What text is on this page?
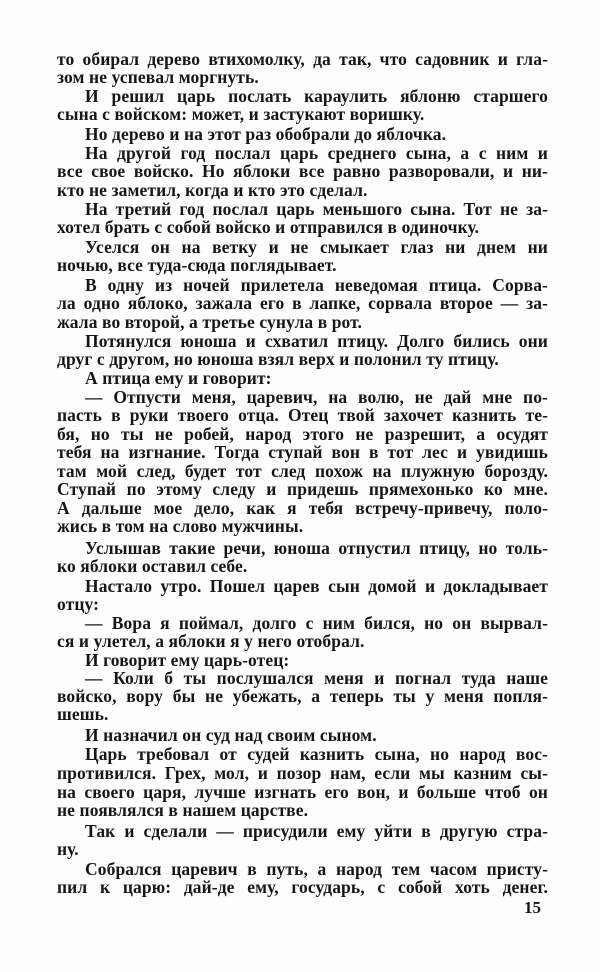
то обирал дерево втихомолку, да так, что садовник и гла-
зом не успевал моргнуть.
И решил царь послать караулить яблоню старшего
сына с войском: может, и застукают воришку.
Но дерево и на этот раз обобрали до яблочка.
На другой год послал царь среднего сына, а с ним и
все свое войско. Но яблоки все равно разворовали, и ни-
кто не заметил, когда и кто это сделал.
На третий год послал царь меньшого сына. Тот не за-
хотел брать с собой войско и отправился в одиночку.
Уселся он на ветку и не смыкает глаз ни днем ни
ночью, все туда-сюда поглядывает.
В одну из ночей прилетела неведомая птица. Сорва-
ла одно яблоко, зажала его в лапке, сорвала второе — за-
жала во второй, а третье сунула в рот.
Потянулся юноша и схватил птицу. Долго бились они
друг с другом, но юноша взял верх и полонил ту птицу.
А птица ему и говорит:
— Отпусти меня, царевич, на волю, не дай мне по-
пасть в руки твоего отца. Отец твой захочет казнить те-
бя, но ты не робей, народ этого не разрешит, а осудят
тебя на изгнание. Тогда ступай вон в тот лес и увидишь
там мой след, будет тот след похож на плужную борозду.
Ступай по этому следу и придешь прямехонько ко мне.
А дальше мое дело, как я тебя встречу-привечу, поло-
жись в том на слово мужчины.
Услышав такие речи, юноша отпустил птицу, но толь-
ко яблоки оставил себе.
Настало утро. Пошел царев сын домой и докладывает
отцу:
— Вора я поймал, долго с ним бился, но он вырвал-
ся и улетел, а яблоки я у него отобрал.
И говорит ему царь-отец:
— Коли б ты послушался меня и погнал туда наше
войско, вору бы не убежать, а теперь ты у меня попля-
шешь.
И назначил он суд над своим сыном.
Царь требовал от судей казнить сына, но народ вос-
противился. Грех, мол, и позор нам, если мы казним сы-
на своего царя, лучше изгнать его вон, и больше чтоб он
не появлялся в нашем царстве.
Так и сделали — присудили ему уйти в другую стра-
ну.
Собрался царевич в путь, а народ тем часом присту-
пил к царю: дай-де ему, государь, с собой хоть денег.
15
